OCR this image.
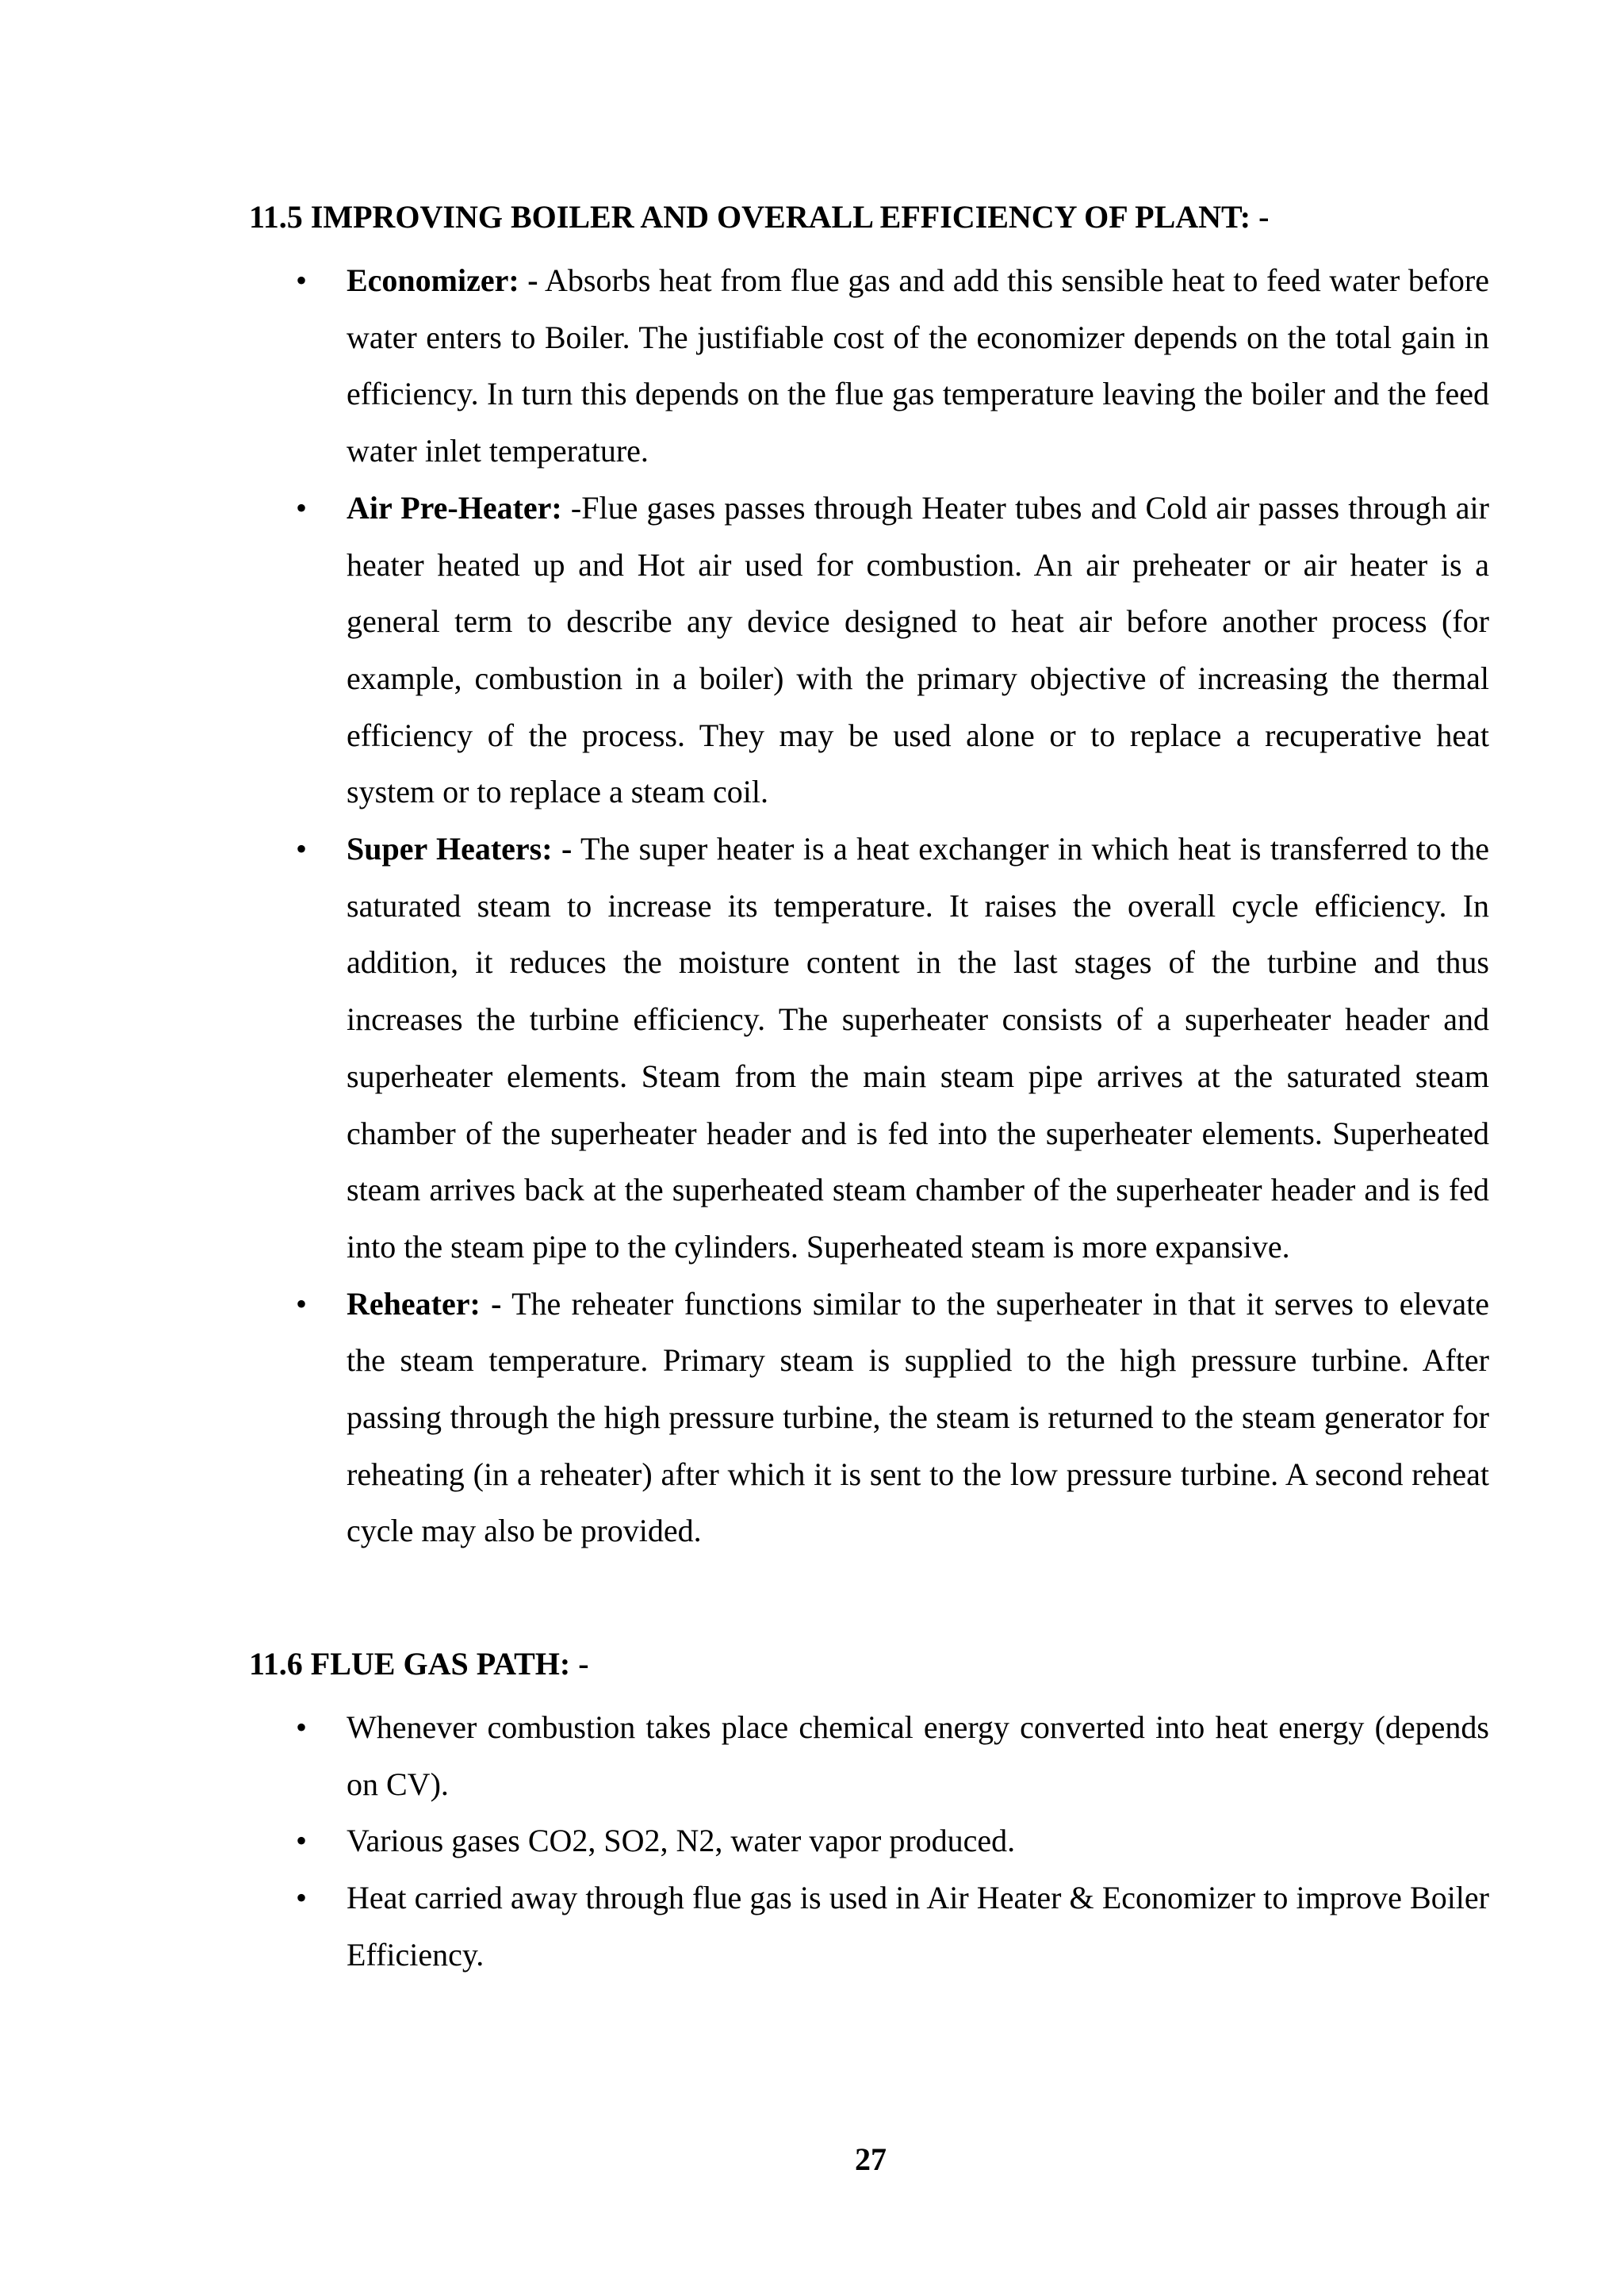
11.5 IMPROVING BOILER AND OVERALL EFFICIENCY OF PLANT: -
• Economizer: - Absorbs heat from flue gas and add this sensible heat to feed water before water enters to Boiler. The justifiable cost of the economizer depends on the total gain in efficiency. In turn this depends on the flue gas temperature leaving the boiler and the feed water inlet temperature.
• Air Pre-Heater: -Flue gases passes through Heater tubes and Cold air passes through air heater heated up and Hot air used for combustion. An air preheater or air heater is a general term to describe any device designed to heat air before another process (for example, combustion in a boiler) with the primary objective of increasing the thermal efficiency of the process. They may be used alone or to replace a recuperative heat system or to replace a steam coil.
• Super Heaters: - The super heater is a heat exchanger in which heat is transferred to the saturated steam to increase its temperature. It raises the overall cycle efficiency. In addition, it reduces the moisture content in the last stages of the turbine and thus increases the turbine efficiency. The superheater consists of a superheater header and superheater elements. Steam from the main steam pipe arrives at the saturated steam chamber of the superheater header and is fed into the superheater elements. Superheated steam arrives back at the superheated steam chamber of the superheater header and is fed into the steam pipe to the cylinders. Superheated steam is more expansive.
• Reheater: - The reheater functions similar to the superheater in that it serves to elevate the steam temperature. Primary steam is supplied to the high pressure turbine. After passing through the high pressure turbine, the steam is returned to the steam generator for reheating (in a reheater) after which it is sent to the low pressure turbine. A second reheat cycle may also be provided.
11.6 FLUE GAS PATH: -
• Whenever combustion takes place chemical energy converted into heat energy (depends on CV).
• Various gases CO2, SO2, N2, water vapor produced.
• Heat carried away through flue gas is used in Air Heater & Economizer to improve Boiler Efficiency.

27
